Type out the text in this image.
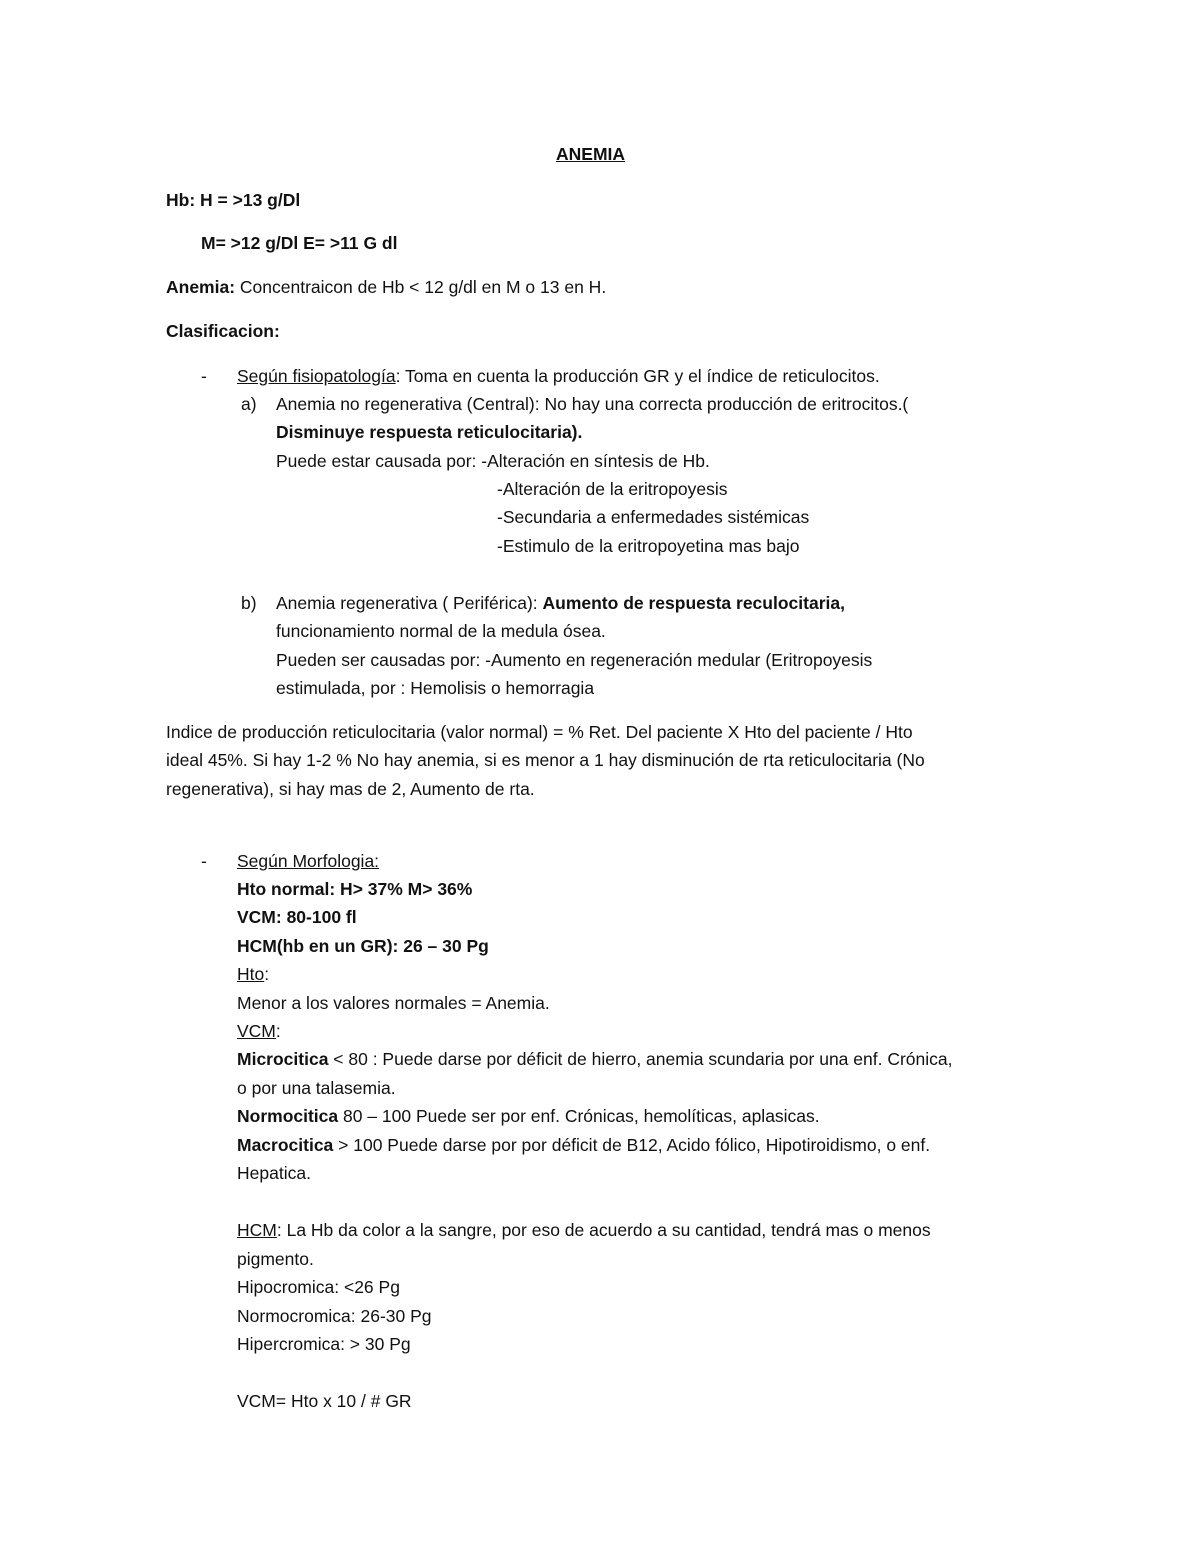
ANEMIA
Hb: H = >13 g/Dl
M= >12 g/Dl E= >11 G dl
Anemia: Concentraicon de Hb < 12 g/dl en M o 13 en H.
Clasificacion:
- Según fisiopatología: Toma en cuenta la producción GR y el índice de reticulocitos.
a) Anemia no regenerativa (Central): No hay una correcta producción de eritrocitos.(
Disminuye respuesta reticulocitaria).
Puede estar causada por: -Alteración en síntesis de Hb.
-Alteración de la eritropoyesis
-Secundaria a enfermedades sistémicas
-Estimulo de la eritropoyetina mas bajo
b) Anemia regenerativa ( Periférica): Aumento de respuesta reculocitaria,
funcionamiento normal de la medula ósea.
Pueden ser causadas por: -Aumento en regeneración medular (Eritropoyesis
estimulada, por : Hemolisis o hemorragia
Indice de producción reticulocitaria (valor normal) = % Ret. Del paciente X Hto del paciente / Hto
ideal 45%. Si hay 1-2 % No hay anemia, si es menor a 1 hay disminución de rta reticulocitaria (No
regenerativa), si hay mas de 2, Aumento de rta.
- Según Morfologia:
Hto normal: H> 37% M> 36%
VCM: 80-100 fl
HCM(hb en un GR): 26 – 30 Pg
Hto:
Menor a los valores normales = Anemia.
VCM:
Microcitica < 80 : Puede darse por déficit de hierro, anemia scundaria por una enf. Crónica,
o por una talasemia.
Normocitica 80 – 100 Puede ser por enf. Crónicas, hemolíticas, aplasicas.
Macrocitica > 100 Puede darse por por déficit de B12, Acido fólico, Hipotiroidismo, o enf.
Hepatica.
HCM: La Hb da color a la sangre, por eso de acuerdo a su cantidad, tendrá mas o menos
pigmento.
Hipocromica: <26 Pg
Normocromica: 26-30 Pg
Hipercromica: > 30 Pg
VCM= Hto x 10 / # GR
